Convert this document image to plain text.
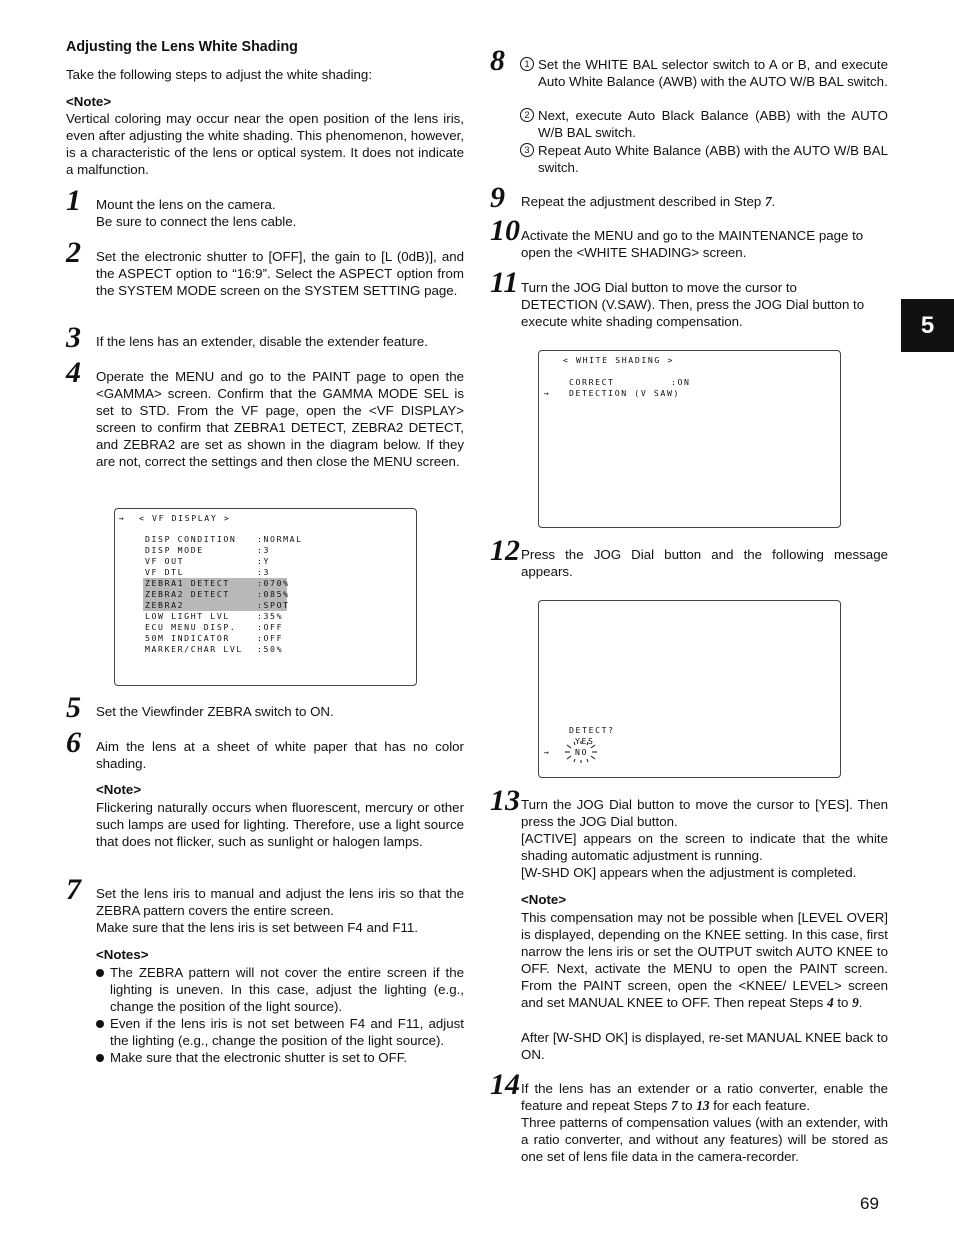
Adjusting the Lens White Shading

Take the following steps to adjust the white shading:

<Note>

Vertical coloring may occur near the open position of the lens iris, even after adjusting the white shading. This phenomenon, however, is a characteristic of the lens or optical system. It does not indicate a malfunction.

1 Mount the lens on the camera.

Be sure to connect the lens cable.

2 Set the electronic shutter to [OFF], the gain to [L (0dB)], and the ASPECT option to “16:9”. Select the ASPECT option from the SYSTEM MODE screen on the SYSTEM SETTING page.

3 If the lens has an extender, disable the extender feature.

4 Operate the MENU and go to the PAINT page to open the <GAMMA> screen. Confirm that the GAMMA MODE SEL is set to STD. From the VF page, open the <VF DISPLAY> screen to confirm that ZEBRA1 DETECT, ZEBRA2 DETECT, and ZEBRA2 are set as shown in the diagram below. If they are not, correct the settings and then close the MENU screen.

5 Set the Viewfinder ZEBRA switch to ON.

6 Aim the lens at a sheet of white paper that has no color shading.

<Note>

Flickering naturally occurs when fluorescent, mercury or other such lamps are used for lighting. Therefore, use a light source that does not flicker, such as sunlight or halogen lamps.

7 Set the lens iris to manual and adjust the lens iris so that the ZEBRA pattern covers the entire screen.

Make sure that the lens iris is set between F4 and F11.

<Notes>

The ZEBRA pattern will not cover the entire screen if the lighting is uneven. In this case, adjust the lighting (e.g., change the position of the light source).

Even if the lens iris is not set between F4 and F11, adjust the lighting (e.g., change the position of the light source).

Make sure that the electronic shutter is set to OFF.

→ < VF DISPLAY >
DISP CONDITION	:NORMAL
DISP MODE	:3
VF OUT	:Y
VF DTL	:3
ZEBRA1 DETECT	:070%
ZEBRA2 DETECT	:085%
ZEBRA2	:SPOT
LOW LIGHT LVL	:35%
ECU MENU DISP.	:OFF
50M INDICATOR	:OFF
MARKER/CHAR LVL :50%
8	1 Set the WHITE BAL selector switch to A or B, and execute Auto White Balance (AWB) with the AUTO W/B BAL switch.

2 Next, execute Auto Black Balance (ABB) with the AUTO W/B BAL switch.

3 Repeat Auto White Balance (ABB) with the AUTO W/B BAL switch.

9 Repeat the adjustment described in Step 7.

10 Activate the MENU and go to the MAINTENANCE page to open the <WHITE SHADING> screen.

11 Turn the JOG Dial button to move the cursor to

DETECTION (V.SAW). Then, press the JOG Dial button to

execute white shading compensation.

12 Press the JOG Dial button and the following message appears.

13 Turn the JOG Dial button to move the cursor to [YES]. Then press the JOG Dial button.

[ACTIVE] appears on the screen to indicate that the white shading automatic adjustment is running.

[W-SHD OK] appears when the adjustment is completed.

<Note>

This compensation may not be possible when [LEVEL OVER] is displayed, depending on the KNEE setting. In this case, first narrow the lens iris or set the OUTPUT switch AUTO KNEE to OFF. Next, activate the MENU to open the PAINT screen. From the PAINT screen, open the <KNEE/ LEVEL> screen and set MANUAL KNEE to OFF. Then repeat Steps 4 to 9.

After [W-SHD OK] is displayed, re-set MANUAL KNEE back to ON.

14 If the lens has an extender or a ratio converter, enable the feature and repeat Steps 7 to 13 for each feature.

Three patterns of compensation values (with an extender, with a ratio converter, and without any features) will be stored as one set of lens file data in the camera-recorder.

< WHITE SHADING >
CORRECT	:ON
→ DETECTION (V SAW)
DETECT?
YES
→	NO
5
69
